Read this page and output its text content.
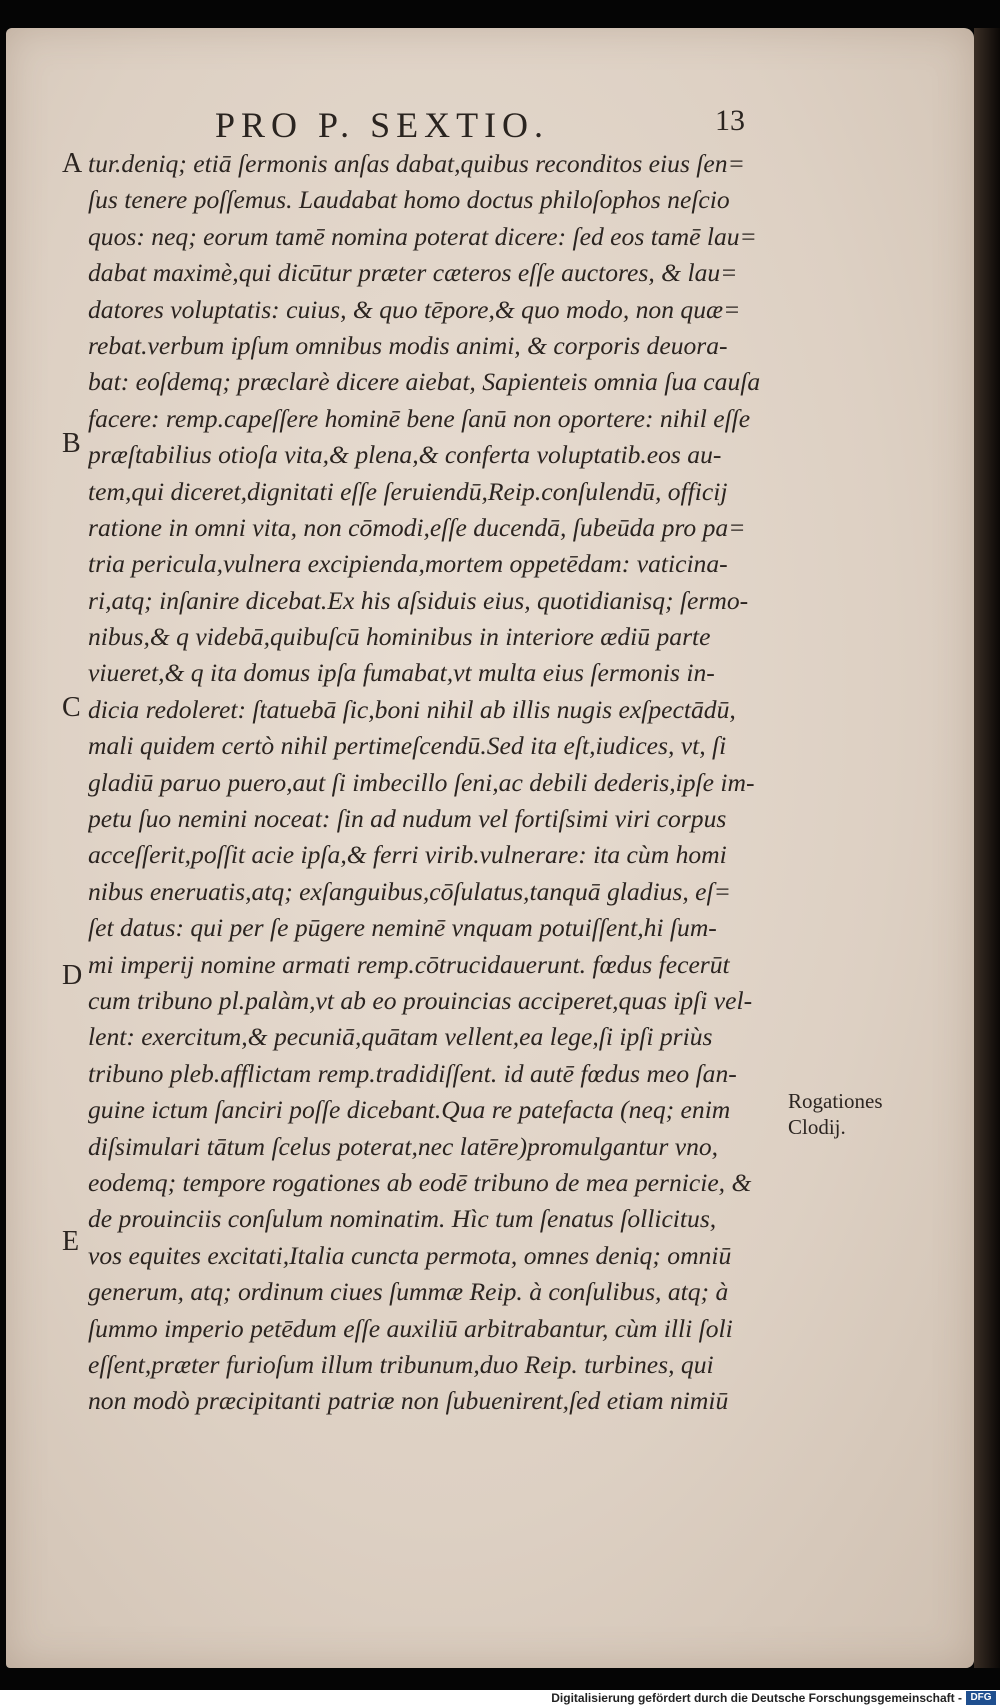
PRO P. SEXTIO.	13
A
B
C
D
E
tur.deniq; etiā ſermonis anſas dabat,quibus reconditos eius ſen=
ſus tenere poſſemus. Laudabat homo doctus philoſophos neſcio
quos: neq; eorum tamē nomina poterat dicere: ſed eos tamē lau=
dabat maximè,qui dicūtur præter cæteros eſſe auctores, & lau=
datores voluptatis: cuius, & quo tēpore,& quo modo, non quæ=
rebat.verbum ipſum omnibus modis animi, & corporis deuora-
bat: eoſdemq; præclarè dicere aiebat, Sapienteis omnia ſua cauſa
facere: remp.capeſſere hominē bene ſanū non oportere: nihil eſſe
præſtabilius otioſa vita,& plena,& conferta voluptatib.eos au-
tem,qui diceret,dignitati eſſe ſeruiendū,Reip.conſulendū, officij
ratione in omni vita, non cōmodi,eſſe ducendā, ſubeūda pro pa=
tria pericula,vulnera excipienda,mortem oppetēdam: vaticina-
ri,atq; inſanire dicebat.Ex his aſsiduis eius, quotidianisq; ſermo-
nibus,& q videbā,quibuſcū hominibus in interiore ædiū parte
viueret,& q ita domus ipſa fumabat,vt multa eius ſermonis in-
dicia redoleret: ſtatuebā ſic,boni nihil ab illis nugis exſpectādū,
mali quidem certò nihil pertimeſcendū.Sed ita eſt,iudices, vt, ſi
gladiū paruo puero,aut ſi imbecillo ſeni,ac debili dederis,ipſe im-
petu ſuo nemini noceat: ſin ad nudum vel fortiſsimi viri corpus
acceſſerit,poſſit acie ipſa,& ferri virib.vulnerare: ita cùm homi
nibus eneruatis,atq; exſanguibus,cōſulatus,tanquā gladius, eſ=
ſet datus: qui per ſe pūgere neminē vnquam potuiſſent,hi ſum-
mi imperij nomine armati remp.cōtrucidauerunt. fœdus fecerūt
cum tribuno pl.palàm,vt ab eo prouincias acciperet,quas ipſi vel-
lent: exercitum,& pecuniā,quātam vellent,ea lege,ſi ipſi priùs
tribuno pleb.afflictam remp.tradidiſſent. id autē fœdus meo ſan-
guine ictum ſanciri poſſe dicebant.Qua re patefacta (neq; enim
diſsimulari tātum ſcelus poterat,nec latēre)promulgantur vno,
eodemq; tempore rogationes ab eodē tribuno de mea pernicie, &
de prouinciis conſulum nominatim. Hìc tum ſenatus ſollicitus,
vos equites excitati,Italia cuncta permota, omnes deniq; omniū
generum, atq; ordinum ciues ſummæ Reip. à conſulibus, atq; à
ſummo imperio petēdum eſſe auxiliū arbitrabantur, cùm illi ſoli
eſſent,præter furioſum illum tribunum,duo Reip. turbines, qui
non modò præcipitanti patriæ non ſubuenirent,ſed etiam nimiū
Rogationes
Clodij.
Digitalisierung gefördert durch die Deutsche Forschungsgemeinschaft - DFG
